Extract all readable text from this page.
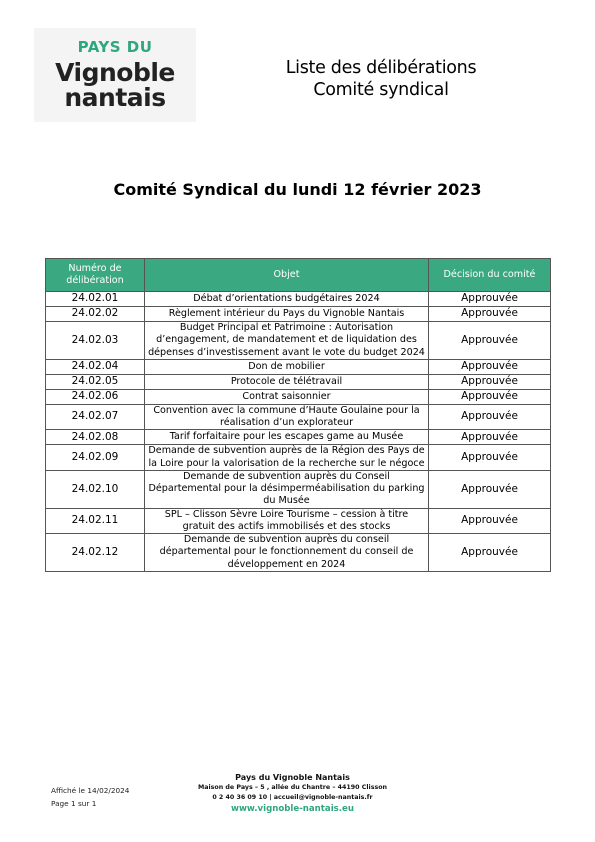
PAYS DU
Vignoble
nantais
Liste des délibérations
Comité syndical
Comité Syndical du lundi 12 février 2023
Numéro de délibération	Objet	Décision du comité
24.02.01	Débat d’orientations budgétaires 2024	Approuvée
24.02.02	Règlement intérieur du Pays du Vignoble Nantais	Approuvée
24.02.03	Budget Principal et Patrimoine : Autorisation d’engagement, de mandatement et de liquidation des dépenses d’investissement avant le vote du budget 2024	Approuvée
24.02.04	Don de mobilier	Approuvée
24.02.05	Protocole de télétravail	Approuvée
24.02.06	Contrat saisonnier	Approuvée
24.02.07	Convention avec la commune d’Haute Goulaine pour la réalisation d’un explorateur	Approuvée
24.02.08	Tarif forfaitaire pour les escapes game au Musée	Approuvée
24.02.09	Demande de subvention auprès de la Région des Pays de la Loire pour la valorisation de la recherche sur le négoce	Approuvée
24.02.10	Demande de subvention auprès du Conseil Départemental pour la désimperméabilisation du parking du Musée	Approuvée
24.02.11	SPL – Clisson Sèvre Loire Tourisme – cession à titre gratuit des actifs immobilisés et des stocks	Approuvée
24.02.12	Demande de subvention auprès du conseil départemental pour le fonctionnement du conseil de développement en 2024	Approuvée
Affiché le 14/02/2024
Page 1 sur 1
Pays du Vignoble Nantais
Maison de Pays – 5 , allée du Chantre – 44190 Clisson
0 2 40 36 09 10 | accueil@vignoble-nantais.fr
www.vignoble-nantais.eu
